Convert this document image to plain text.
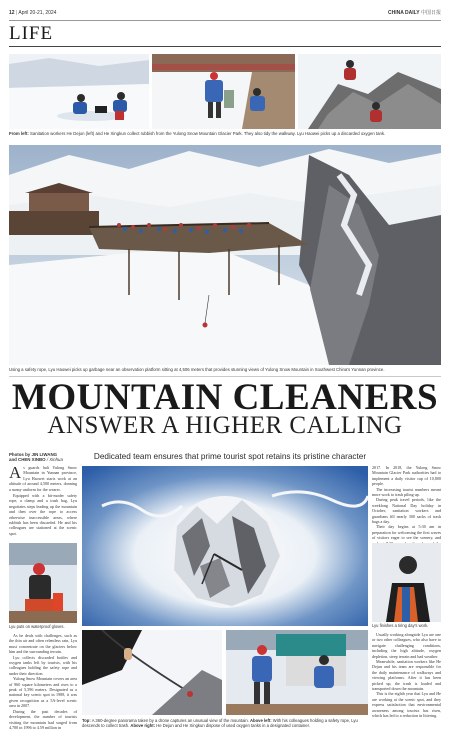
12 | April 20-21, 2024	CHINA DAILY 中国日报
LIFE
From left: Sanitation workers He Dejun (left) and He Xingkun collect rubbish from the Yulong Snow Mountain Glacier Park. They also tidy the walkway. Lyu Haowei picks up a discarded oxygen tank.
Using a safety rope, Lyu Haowei picks up garbage near an observation platform sitting at 4,506 meters that provides stunning views of Yulong Snow Mountain in Southwest China's Yunnan province.
MOUNTAIN CLEANERS
ANSWER A HIGHER CALLING
Photos by JIN LIWANG
and CHEN XINBO / Xinhua	Dedicated team ensures that prime tourist spot retains its pristine character

As guards halt Yulong Snow Mountain in Yunnan province, Lyu Haowei starts work at an altitude of around 4,500 meters, donning a sunny uniform for the wearer.

Equipped with a bit-moder safety rope, a clamp and a trash bag, Lyu negotiates steps leading up the mountain and then over the rope to access otherwise inaccessible areas, where rubbish has been discarded. He and his colleagues are stationed at the scenic spot.

Lyu puts on waterproof gloves.

As he deals with challenges, such as the thin air and often relentless rain, Lyu must concentrate on the glaciers below him and the surrounding terrain.

Lyu collects discarded bottles and oxygen tanks left by tourists, with his colleagues holding the safety rope and under their direction.

Yulong Snow Mountain covers an area of 960 square kilometers and rises to a peak of 5,596 meters. Designated as a national key scenic spot in 1988, it was given recognition as a 5A-level scenic area in 2007.

During the past decades of development, the number of tourists visiting the mountain had surged from 4,700 in 1996 to 4.59 million in

2017. In 2018, the Yulong Snow Mountain Glacier Park authorities had to implement a daily visitor cap of 10,800 people.

The increasing tourist numbers meant more work to trash piling up.

During peak travel periods, like the weeklong National Day holiday in October, sanitation workers and guardians fill nearly 300 sacks of trash bags a day.

Their day begins at 5:30 am in preparation for welcoming the first waves of visitors eager to see the scenery, and

Lyu finishes a tiring day's work.

Usually working alongside Lyu are one or two other colleagues, who also have to navigate challenging conditions, including the high altitude, oxygen depletion, steep terrain and bad weather.

Meanwhile, sanitation workers like He Dejun and his team are responsible for the daily maintenance of walkways and viewing platforms. After it has been picked up, the trash is loaded and transported down the mountain.

This is the eighth year that Lyu and He are working at the scenic spot, and they express satisfaction that environmental awareness among tourists has risen, which has led to a reduction in littering.

Top: A 360-degree panorama taken by a drone captures an unusual view of the mountain. Above left: With his colleagues holding a safety rope, Lyu descends to collect trash. Above right: He Dejun and He Xingkun dispose of used oxygen tanks in a designated container.
